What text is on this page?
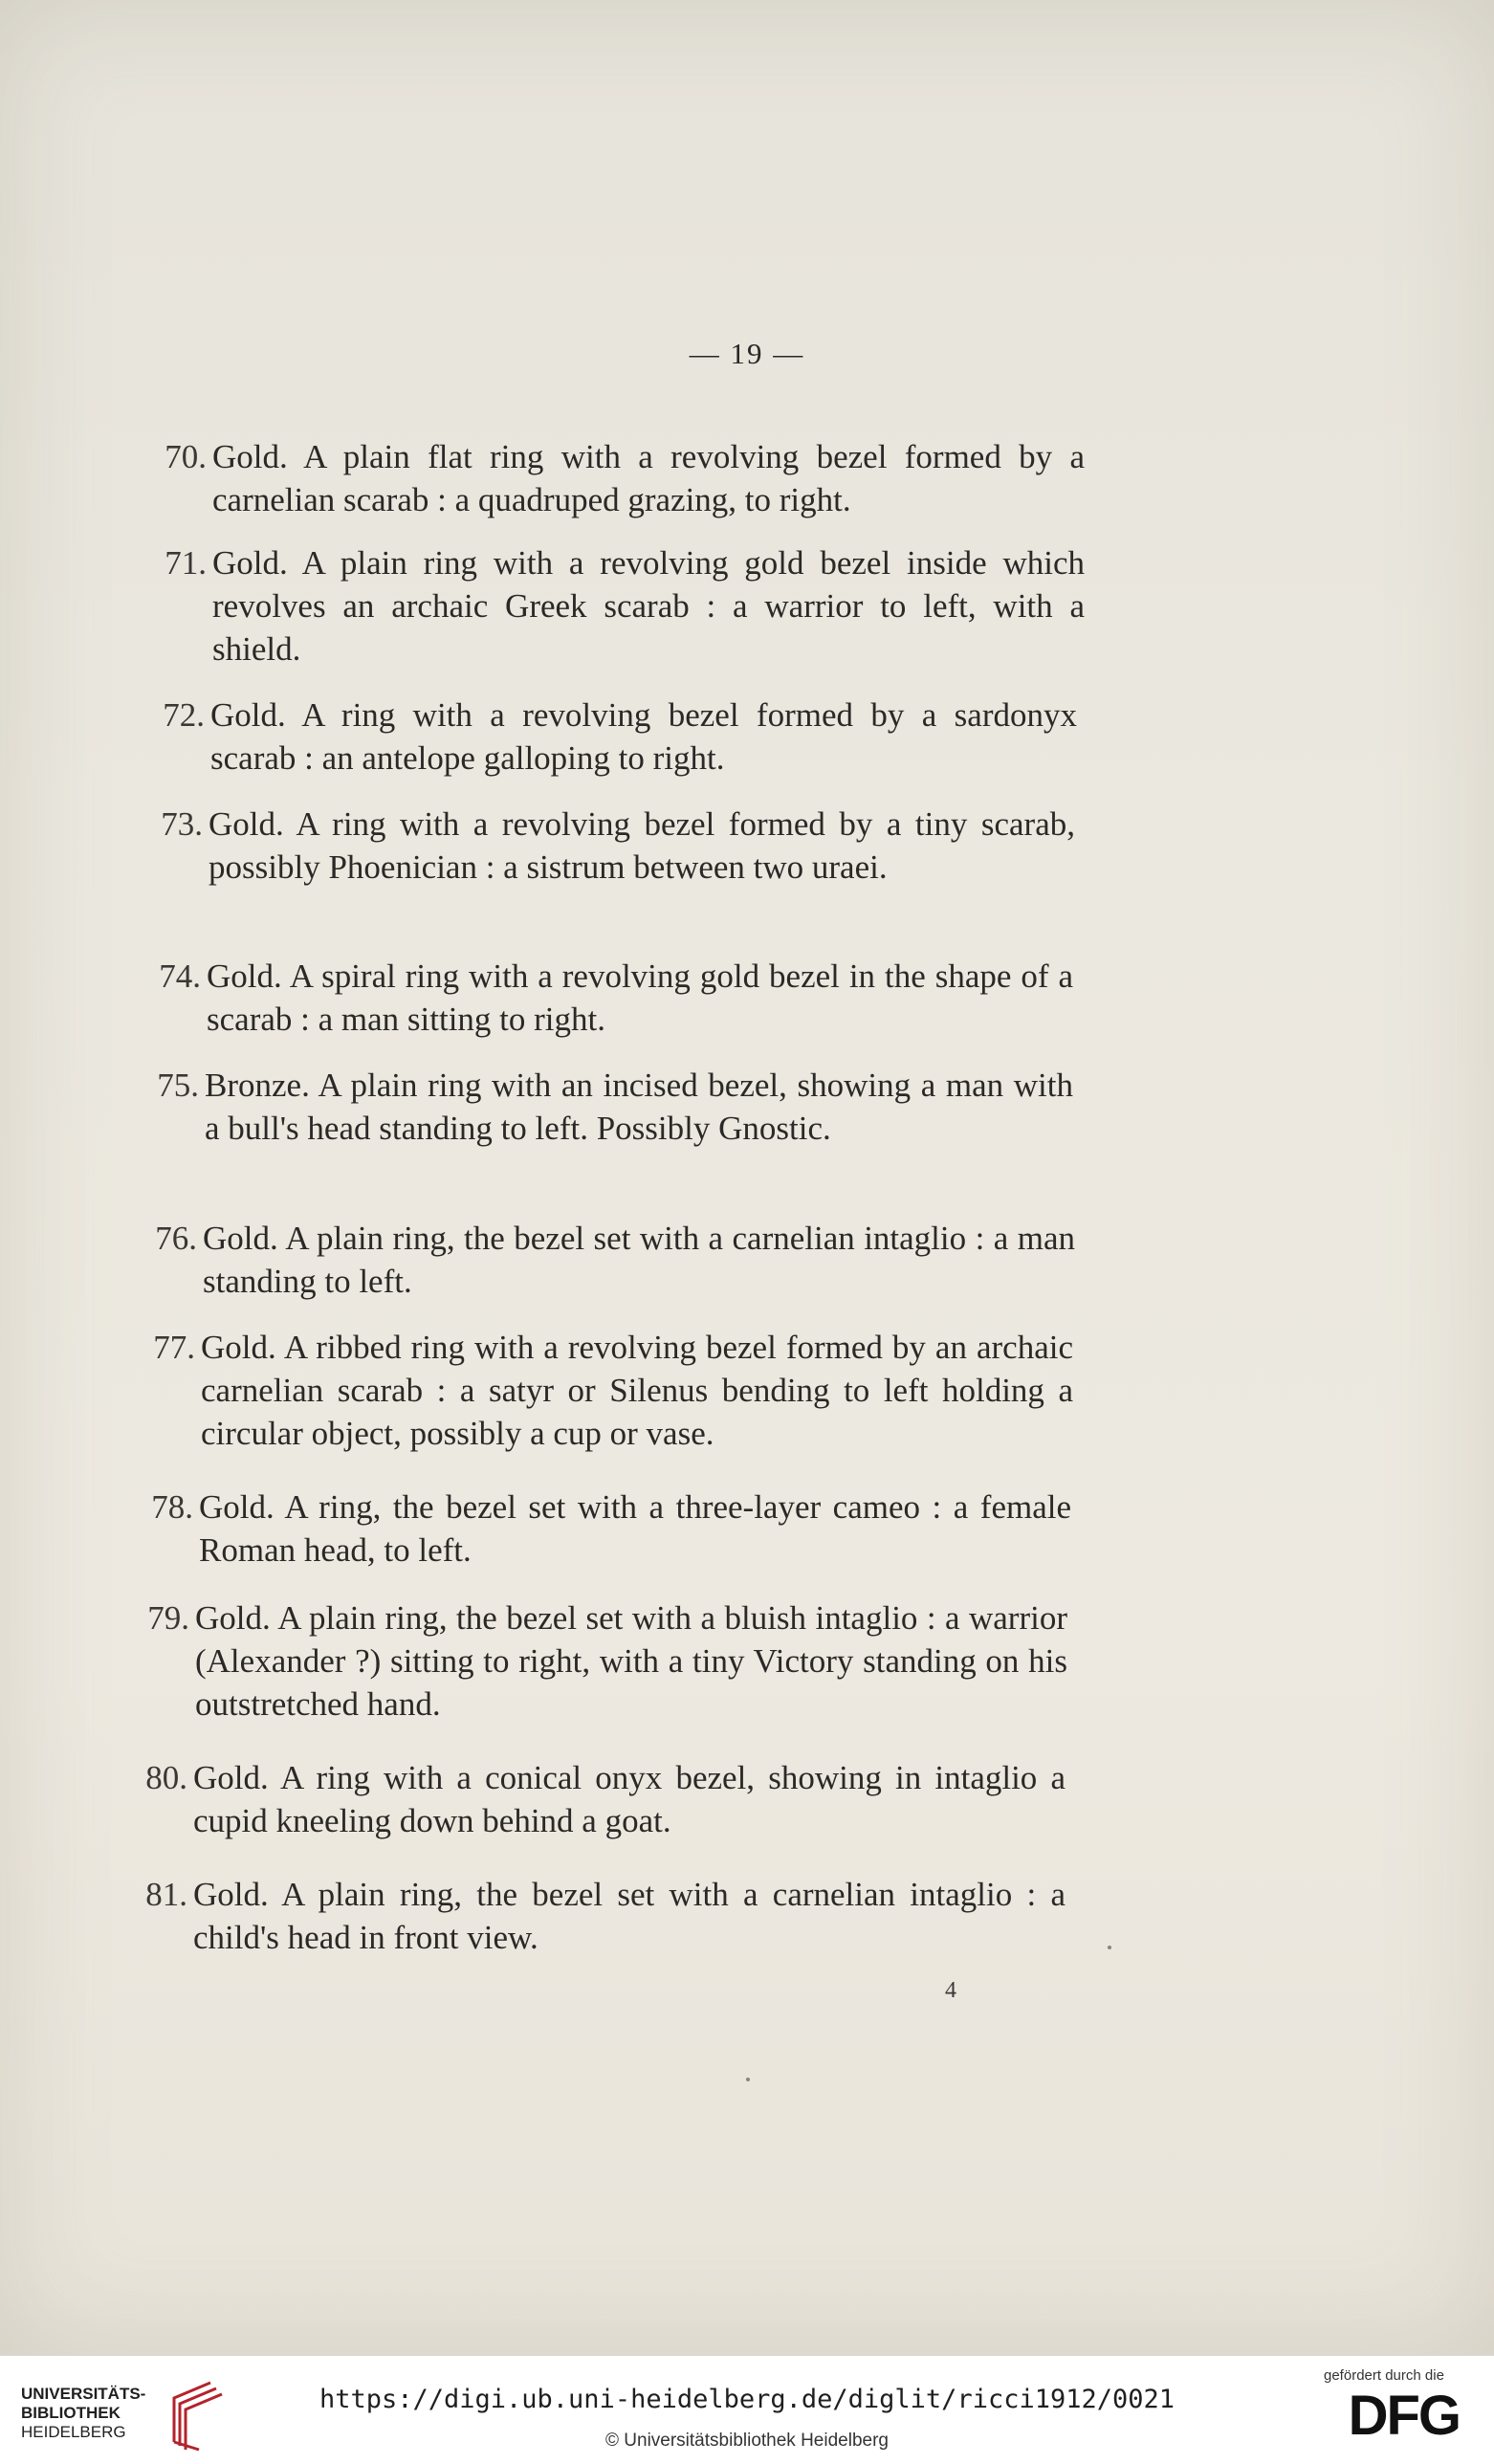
— 19 —
70. Gold. A plain flat ring with a revolving bezel formed by a carnelian scarab : a quadruped grazing, to right.
71. Gold. A plain ring with a revolving gold bezel inside which revolves an archaic Greek scarab : a warrior to left, with a shield.
72. Gold. A ring with a revolving bezel formed by a sardonyx scarab : an antelope galloping to right.
73. Gold. A ring with a revolving bezel formed by a tiny scarab, possibly Phoenician : a sistrum between two uraei.
74. Gold. A spiral ring with a revolving gold bezel in the shape of a scarab : a man sitting to right.
75. Bronze. A plain ring with an incised bezel, showing a man with a bull's head standing to left. Possibly Gnostic.
76. Gold. A plain ring, the bezel set with a carnelian intaglio : a man standing to left.
77. Gold. A ribbed ring with a revolving bezel formed by an archaic carnelian scarab : a satyr or Silenus bending to left holding a circular object, possibly a cup or vase.
78. Gold. A ring, the bezel set with a three-layer cameo : a female Roman head, to left.
79. Gold. A plain ring, the bezel set with a bluish intaglio : a warrior (Alexander ?) sitting to right, with a tiny Victory standing on his outstretched hand.
80. Gold. A ring with a conical onyx bezel, showing in intaglio a cupid kneeling down behind a goat.
81. Gold. A plain ring, the bezel set with a carnelian intaglio : a child's head in front view.
4
UNIVERSITÄTS-
BIBLIOTHEK
HEIDELBERG
https://digi.ub.uni-heidelberg.de/diglit/ricci1912/0021
© Universitätsbibliothek Heidelberg
gefördert durch die
DFG
